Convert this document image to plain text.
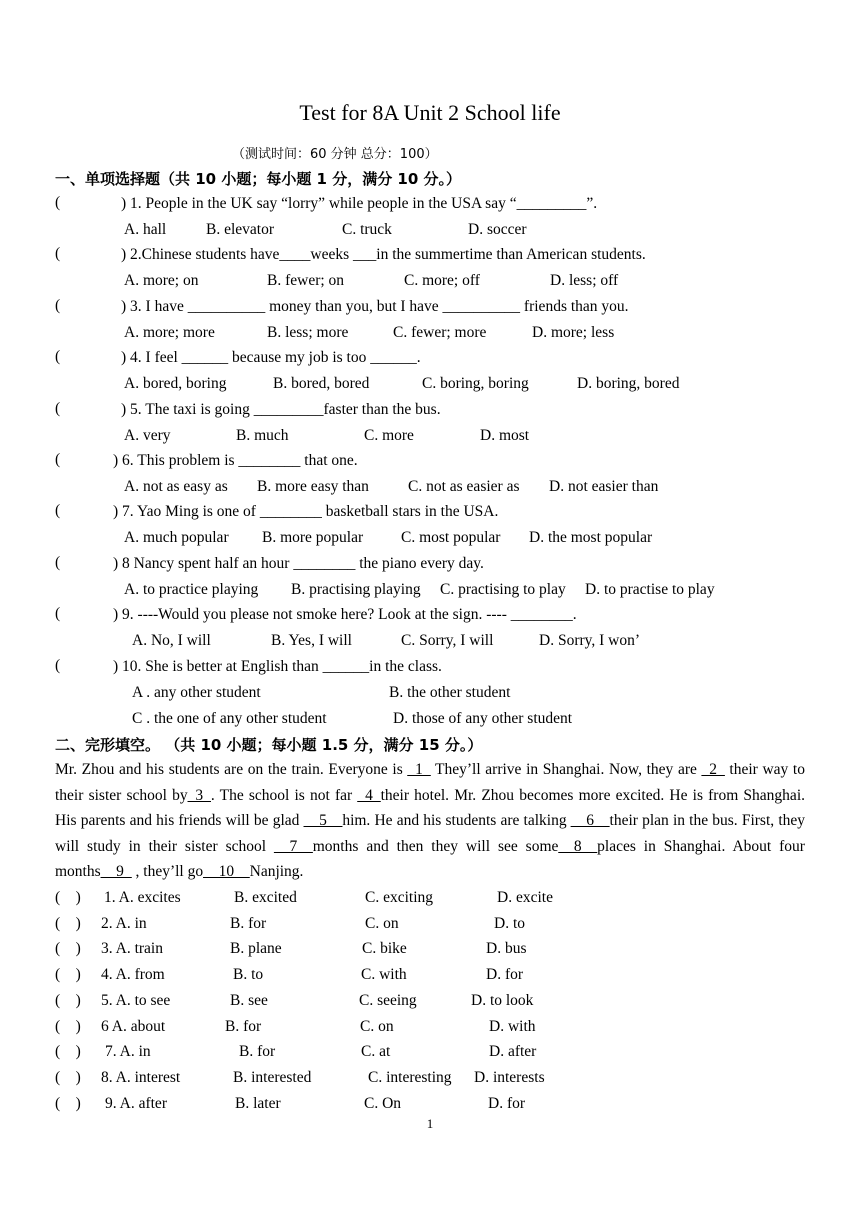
Test for 8A Unit 2 School life
（测试时间：60 分钟 总分：100）
一、单项选择题（共 10 小题；每小题 1 分，满分 10 分。）
(	) 1. People in the UK say “lorry” while people in the USA say “_________”.
A. hall	B. elevator	C. truck	D. soccer
(	) 2.Chinese students have____weeks ___in the summertime than American students.
A. more; on	B. fewer; on	C. more; off	D. less; off
(	) 3. I have __________ money than you, but I have __________ friends than you.
A. more; more	B. less; more	C. fewer; more	D. more; less
(	) 4. I feel ______ because my job is too ______.
A. bored, boring	B. bored, bored	C. boring, boring	D. boring, bored
(	) 5. The taxi is going _________faster than the bus.
A. very	B. much	C. more	D. most
(	) 6. This problem is ________ that one.
A. not as easy as B. more easy than	C. not as easier as D. not easier than
(	) 7. Yao Ming is one of ________ basketball stars in the USA.
A. much popular B. more popular C. most popular D. the most popular
(	) 8 Nancy spent half an hour ________ the piano every day.
A. to practice playing B. practising playing C. practising to play D. to practise to play
(	) 9. ----Would you please not smoke here? Look at the sign. ---- ________.
A. No, I will	B. Yes, I will	C. Sorry, I will	D. Sorry, I won’
(	) 10. She is better at English than ______in the class.
A . any other student	B. the other student
C . the one of any other student	D. those of any other student
二、完形填空。 （共 10 小题；每小题 1.5 分，满分 15 分。）
Mr. Zhou and his students are on the train. Everyone is _1_ They’ll arrive in Shanghai. Now, they are _2_ their way to their sister school by_3_. The school is not far _4_their hotel. Mr. Zhou becomes more excited. He is from Shanghai. His parents and his friends will be glad __5__him. He and his students are talking __6__their plan in the bus. First, they will study in their sister school __7__months and then they will see some__8__places in Shanghai. About four months__9_ , they’ll go__10__Nanjing.
(    ) 1. A. excites	B. excited	C. exciting	D. excite
(    ) 2. A. in	B. for	C. on	D. to
(    ) 3. A. train	B. plane	C. bike	D. bus
(    ) 4. A. from	B. to	C. with	D. for
(    ) 5. A. to see	B. see	C. seeing	D. to look
(    ) 6 A. about	B. for	C. on	D. with
(    ) 7. A. in	B. for	C. at	D. after
(    ) 8. A. interest	B. interested	C. interesting D. interests
(    ) 9. A. after	B. later	C. On	D. for
1
